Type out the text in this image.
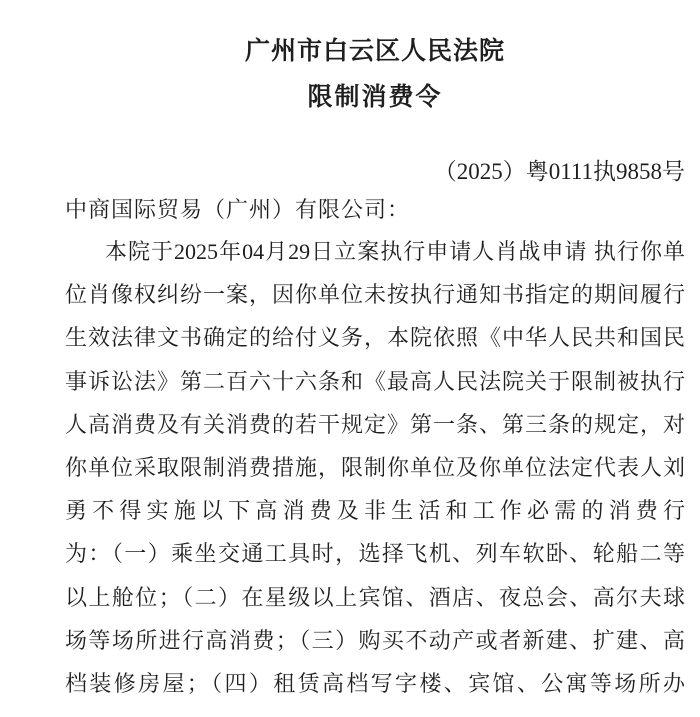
广州市白云区人民法院
限制消费令
（2025）粤0111执9858号
中商国际贸易（广州）有限公司：
本院于2025年04月29日立案执行申请人肖战申请 执行你单
位肖像权纠纷一案，因你单位未按执行通知书指定的期间履行
生效法律文书确定的给付义务，本院依照《中华人民共和国民
事诉讼法》第二百六十六条和《最高人民法院关于限制被执行
人高消费及有关消费的若干规定》第一条、第三条的规定，对
你单位采取限制消费措施，限制你单位及你单位法定代表人刘
勇不得实施以下高消费及非生活和工作必需的消费行
为：（一）乘坐交通工具时，选择飞机、列车软卧、轮船二等
以上舱位；（二）在星级以上宾馆、酒店、夜总会、高尔夫球
场等场所进行高消费；（三）购买不动产或者新建、扩建、高
档装修房屋；（四）租赁高档写字楼、宾馆、公寓等场所办
